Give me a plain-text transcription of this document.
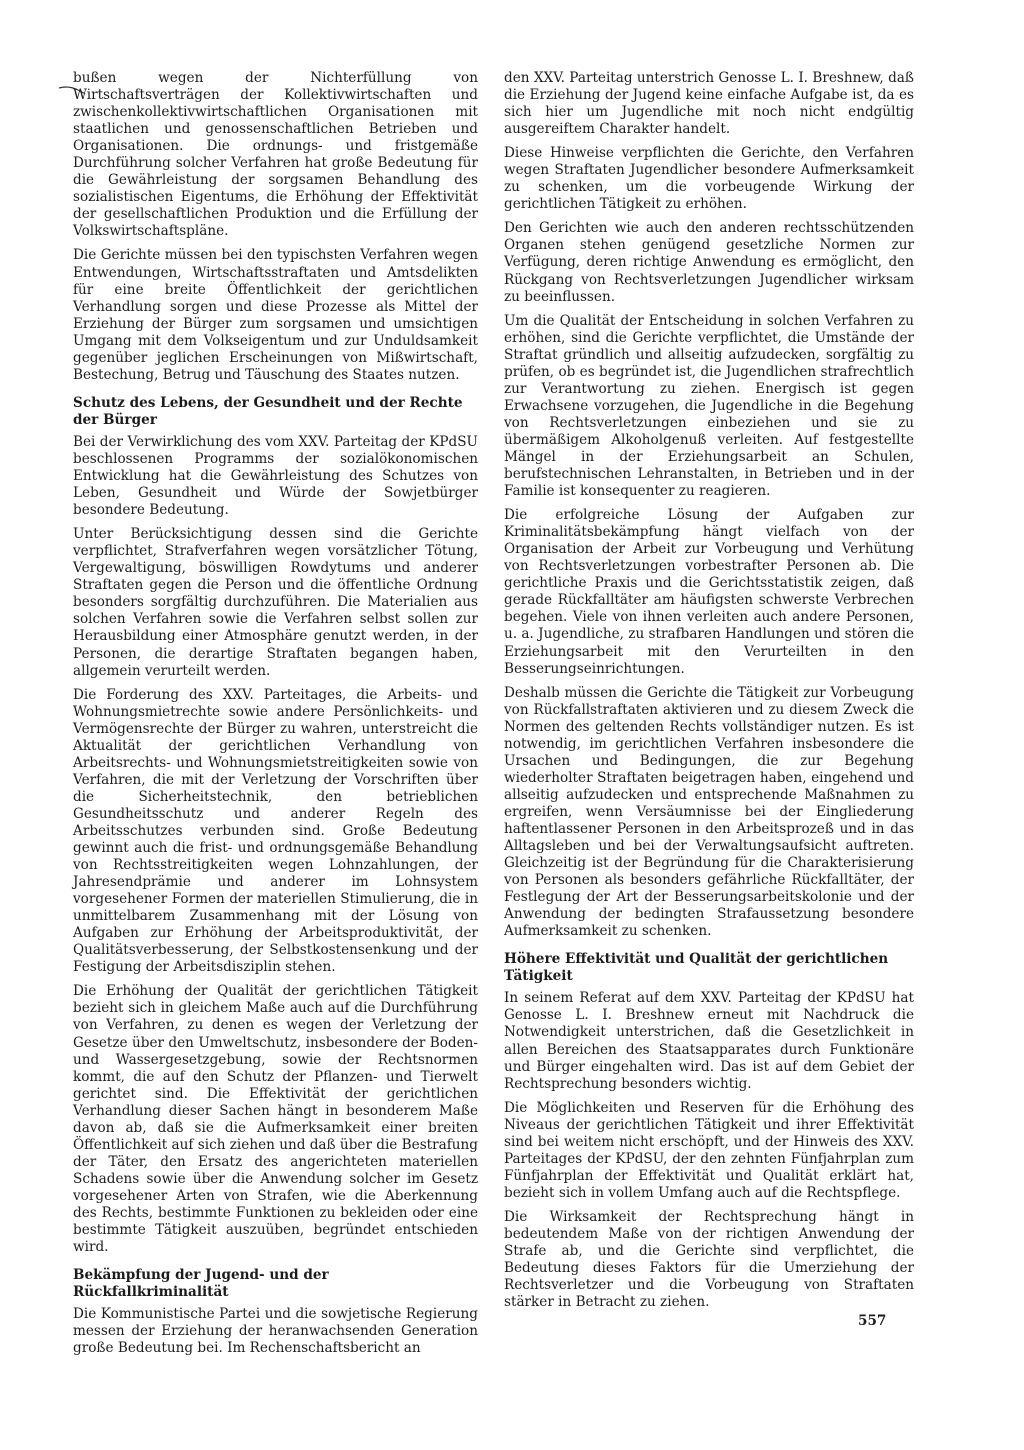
bußen wegen der Nichterfüllung von Wirtschaftsverträgen der Kollektivwirtschaften und zwischenkollektivwirtschaftlichen Organisationen mit staatlichen und genossenschaftlichen Betrieben und Organisationen. Die ordnungs- und fristgemäße Durchführung solcher Verfahren hat große Bedeutung für die Gewährleistung der sorgsamen Behandlung des sozialistischen Eigentums, die Erhöhung der Effektivität der gesellschaftlichen Produktion und die Erfüllung der Volkswirtschaftspläne.

Die Gerichte müssen bei den typischsten Verfahren wegen Entwendungen, Wirtschaftsstraftaten und Amtsdelikten für eine breite Öffentlichkeit der gerichtlichen Verhandlung sorgen und diese Prozesse als Mittel der Erziehung der Bürger zum sorgsamen und umsichtigen Umgang mit dem Volkseigentum und zur Unduldsamkeit gegenüber jeglichen Erscheinungen von Mißwirtschaft, Bestechung, Betrug und Täuschung des Staates nutzen.

Schutz des Lebens, der Gesundheit und der Rechte der Bürger

Bei der Verwirklichung des vom XXV. Parteitag der KPdSU beschlossenen Programms der sozialökonomischen Entwicklung hat die Gewährleistung des Schutzes von Leben, Gesundheit und Würde der Sowjetbürger besondere Bedeutung.

Unter Berücksichtigung dessen sind die Gerichte verpflichtet, Strafverfahren wegen vorsätzlicher Tötung, Vergewaltigung, böswilligen Rowdytums und anderer Straftaten gegen die Person und die öffentliche Ordnung besonders sorgfältig durchzuführen. Die Materialien aus solchen Verfahren sowie die Verfahren selbst sollen zur Herausbildung einer Atmosphäre genutzt werden, in der Personen, die derartige Straftaten begangen haben, allgemein verurteilt werden.

Die Forderung des XXV. Parteitages, die Arbeits- und Wohnungsmietrechte sowie andere Persönlichkeits- und Vermögensrechte der Bürger zu wahren, unterstreicht die Aktualität der gerichtlichen Verhandlung von Arbeitsrechts- und Wohnungsmietstreitigkeiten sowie von Verfahren, die mit der Verletzung der Vorschriften über die Sicherheitstechnik, den betrieblichen Gesundheitsschutz und anderer Regeln des Arbeitsschutzes verbunden sind. Große Bedeutung gewinnt auch die frist- und ordnungsgemäße Behandlung von Rechtsstreitigkeiten wegen Lohnzahlungen, der Jahresendprämie und anderer im Lohnsystem vorgesehener Formen der materiellen Stimulierung, die in unmittelbarem Zusammenhang mit der Lösung von Aufgaben zur Erhöhung der Arbeitsproduktivität, der Qualitätsverbesserung, der Selbstkostensenkung und der Festigung der Arbeitsdisziplin stehen.

Die Erhöhung der Qualität der gerichtlichen Tätigkeit bezieht sich in gleichem Maße auch auf die Durchführung von Verfahren, zu denen es wegen der Verletzung der Gesetze über den Umweltschutz, insbesondere der Boden- und Wassergesetzgebung, sowie der Rechtsnormen kommt, die auf den Schutz der Pflanzen- und Tierwelt gerichtet sind. Die Effektivität der gerichtlichen Verhandlung dieser Sachen hängt in besonderem Maße davon ab, daß sie die Aufmerksamkeit einer breiten Öffentlichkeit auf sich ziehen und daß über die Bestrafung der Täter, den Ersatz des angerichteten materiellen Schadens sowie über die Anwendung solcher im Gesetz vorgesehener Arten von Strafen, wie die Aberkennung des Rechts, bestimmte Funktionen zu bekleiden oder eine bestimmte Tätigkeit auszuüben, begründet entschieden wird.

Bekämpfung der Jugend- und der Rückfallkriminalität

Die Kommunistische Partei und die sowjetische Regierung messen der Erziehung der heranwachsenden Generation große Bedeutung bei. Im Rechenschaftsbericht an

den XXV. Parteitag unterstrich Genosse L. I. Breshnew, daß die Erziehung der Jugend keine einfache Aufgabe ist, da es sich hier um Jugendliche mit noch nicht endgültig ausgereiftem Charakter handelt.

Diese Hinweise verpflichten die Gerichte, den Verfahren wegen Straftaten Jugendlicher besondere Aufmerksamkeit zu schenken, um die vorbeugende Wirkung der gerichtlichen Tätigkeit zu erhöhen.

Den Gerichten wie auch den anderen rechtsschützenden Organen stehen genügend gesetzliche Normen zur Verfügung, deren richtige Anwendung es ermöglicht, den Rückgang von Rechtsverletzungen Jugendlicher wirksam zu beeinflussen.

Um die Qualität der Entscheidung in solchen Verfahren zu erhöhen, sind die Gerichte verpflichtet, die Umstände der Straftat gründlich und allseitig aufzudecken, sorgfältig zu prüfen, ob es begründet ist, die Jugendlichen strafrechtlich zur Verantwortung zu ziehen. Energisch ist gegen Erwachsene vorzugehen, die Jugendliche in die Begehung von Rechtsverletzungen einbeziehen und sie zu übermäßigem Alkoholgenuß verleiten. Auf festgestellte Mängel in der Erziehungsarbeit an Schulen, berufstechnischen Lehranstalten, in Betrieben und in der Familie ist konsequenter zu reagieren.

Die erfolgreiche Lösung der Aufgaben zur Kriminalitätsbekämpfung hängt vielfach von der Organisation der Arbeit zur Vorbeugung und Verhütung von Rechtsverletzungen vorbestrafter Personen ab. Die gerichtliche Praxis und die Gerichtsstatistik zeigen, daß gerade Rückfalltäter am häufigsten schwerste Verbrechen begehen. Viele von ihnen verleiten auch andere Personen, u. a. Jugendliche, zu strafbaren Handlungen und stören die Erziehungsarbeit mit den Verurteilten in den Besserungseinrichtungen.

Deshalb müssen die Gerichte die Tätigkeit zur Vorbeugung von Rückfallstraftaten aktivieren und zu diesem Zweck die Normen des geltenden Rechts vollständiger nutzen. Es ist notwendig, im gerichtlichen Verfahren insbesondere die Ursachen und Bedingungen, die zur Begehung wiederholter Straftaten beigetragen haben, eingehend und allseitig aufzudecken und entsprechende Maßnahmen zu ergreifen, wenn Versäumnisse bei der Eingliederung haftentlassener Personen in den Arbeitsprozeß und in das Alltagsleben und bei der Verwaltungsaufsicht auftreten. Gleichzeitig ist der Begründung für die Charakterisierung von Personen als besonders gefährliche Rückfalltäter, der Festlegung der Art der Besserungsarbeitskolonie und der Anwendung der bedingten Strafaussetzung besondere Aufmerksamkeit zu schenken.

Höhere Effektivität und Qualität der gerichtlichen Tätigkeit

In seinem Referat auf dem XXV. Parteitag der KPdSU hat Genosse L. I. Breshnew erneut mit Nachdruck die Notwendigkeit unterstrichen, daß die Gesetzlichkeit in allen Bereichen des Staatsapparates durch Funktionäre und Bürger eingehalten wird. Das ist auf dem Gebiet der Rechtsprechung besonders wichtig.

Die Möglichkeiten und Reserven für die Erhöhung des Niveaus der gerichtlichen Tätigkeit und ihrer Effektivität sind bei weitem nicht erschöpft, und der Hinweis des XXV. Parteitages der KPdSU, der den zehnten Fünfjahrplan zum Fünfjahrplan der Effektivität und Qualität erklärt hat, bezieht sich in vollem Umfang auch auf die Rechtspflege.

Die Wirksamkeit der Rechtsprechung hängt in bedeutendem Maße von der richtigen Anwendung der Strafe ab, und die Gerichte sind verpflichtet, die Bedeutung dieses Faktors für die Umerziehung der Rechtsverletzer und die Vorbeugung von Straftaten stärker in Betracht zu ziehen.

557
